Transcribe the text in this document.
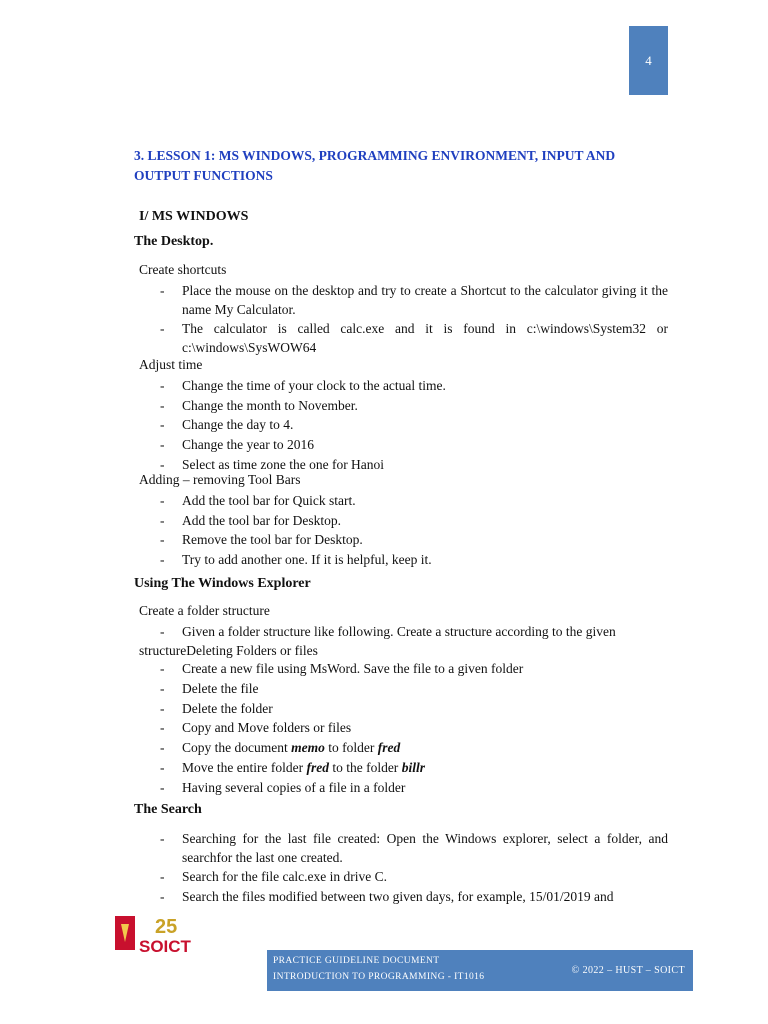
4
3. LESSON 1: MS WINDOWS, PROGRAMMING ENVIRONMENT, INPUT AND OUTPUT FUNCTIONS

I/ MS WINDOWS

The Desktop.

Create shortcuts

- Place the mouse on the desktop and try to create a Shortcut to the calculator giving it the name My Calculator.
- The calculator is called calc.exe and it is found in c:\windows\System32 or c:\windows\SysWOW64

Adjust time

- Change the time of your clock to the actual time.
- Change the month to November.
- Change the day to 4.
- Change the year to 2016
- Select as time zone the one for Hanoi

Adding – removing Tool Bars

- Add the tool bar for Quick start.
- Add the tool bar for Desktop.
- Remove the tool bar for Desktop.
- Try to add another one. If it is helpful, keep it.

Using The Windows Explorer

Create a folder structure

- Given a folder structure like following. Create a structure according to the given structureDeleting Folders or files
- Create a new file using MsWord. Save the file to a given folder
- Delete the file
- Delete the folder
- Copy and Move folders or files
- Copy the document memo to folder fred
- Move the entire folder fred to the folder billr
- Having several copies of a file in a folder

The Search

- Searching for the last file created: Open the Windows explorer, select a folder, and searchfor the last one created.
- Search for the file calc.exe in drive C.
- Search the files modified between two given days, for example, 15/01/2019 and
25
SOICT
PRACTICE GUIDELINE DOCUMENT
INTRODUCTION TO PROGRAMMING - IT1016
© 2022 – HUST – SOICT
